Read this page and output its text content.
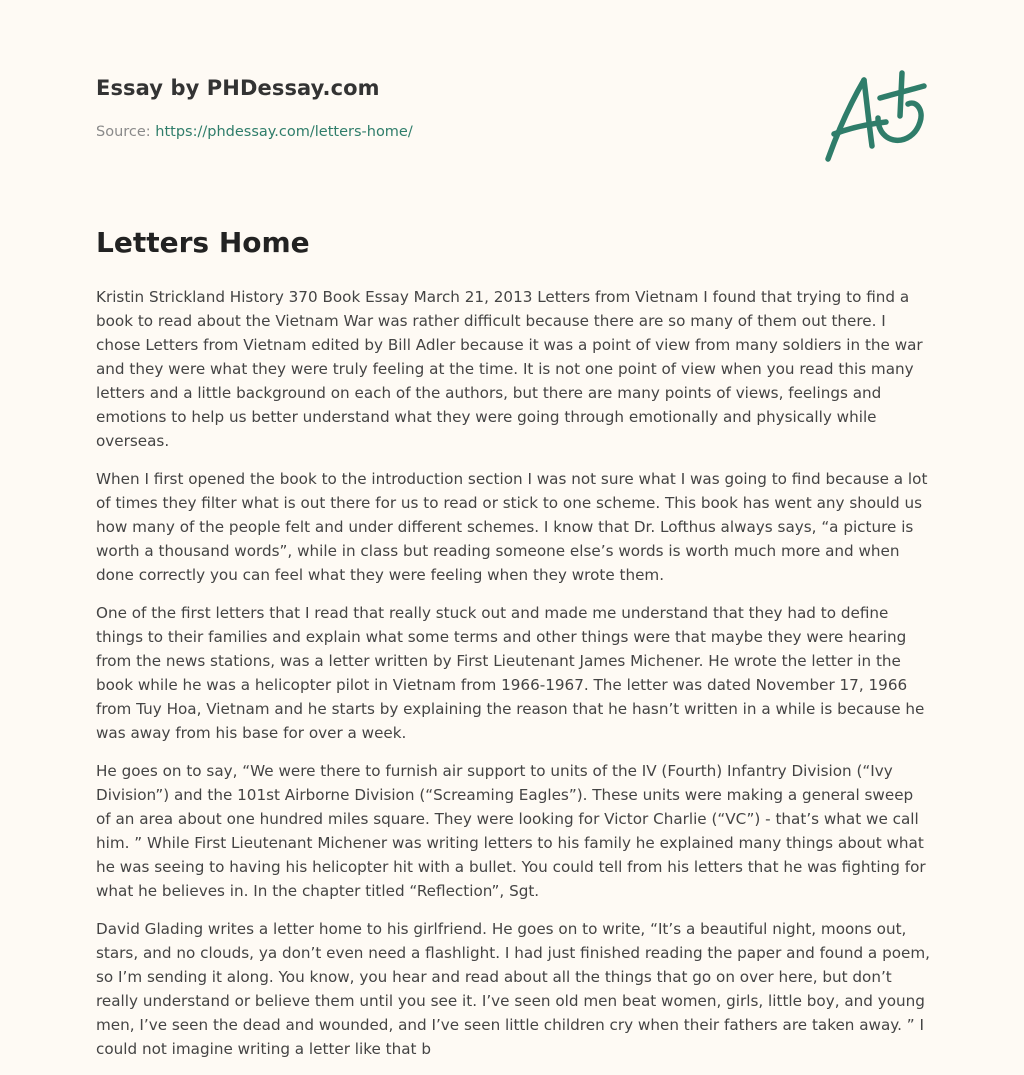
Essay by PHDessay.com

Source: https://phdessay.com/letters-home/

Letters Home

Kristin Strickland History 370 Book Essay March 21, 2013 Letters from Vietnam I found that trying to find a book to read about the Vietnam War was rather difficult because there are so many of them out there. I chose Letters from Vietnam edited by Bill Adler because it was a point of view from many soldiers in the war and they were what they were truly feeling at the time. It is not one point of view when you read this many letters and a little background on each of the authors, but there are many points of views, feelings and emotions to help us better understand what they were going through emotionally and physically while overseas.

When I first opened the book to the introduction section I was not sure what I was going to find because a lot of times they filter what is out there for us to read or stick to one scheme. This book has went any should us how many of the people felt and under different schemes. I know that Dr. Lofthus always says, “a picture is worth a thousand words”, while in class but reading someone else’s words is worth much more and when done correctly you can feel what they were feeling when they wrote them.

One of the first letters that I read that really stuck out and made me understand that they had to define things to their families and explain what some terms and other things were that maybe they were hearing from the news stations, was a letter written by First Lieutenant James Michener. He wrote the letter in the book while he was a helicopter pilot in Vietnam from 1966-1967. The letter was dated November 17, 1966 from Tuy Hoa, Vietnam and he starts by explaining the reason that he hasn’t written in a while is because he was away from his base for over a week.

He goes on to say, “We were there to furnish air support to units of the IV (Fourth) Infantry Division (“Ivy Division”) and the 101st Airborne Division (“Screaming Eagles”). These units were making a general sweep of an area about one hundred miles square. They were looking for Victor Charlie (“VC”) - that’s what we call him. ” While First Lieutenant Michener was writing letters to his family he explained many things about what he was seeing to having his helicopter hit with a bullet. You could tell from his letters that he was fighting for what he believes in. In the chapter titled “Reflection”, Sgt.

David Glading writes a letter home to his girlfriend. He goes on to write, “It’s a beautiful night, moons out, stars, and no clouds, ya don’t even need a flashlight. I had just finished reading the paper and found a poem, so I’m sending it along. You know, you hear and read about all the things that go on over here, but don’t really understand or believe them until you see it. I’ve seen old men beat women, girls, little boy, and young men, I’ve seen the dead and wounded, and I’ve seen little children cry when their fathers are taken away. ” I could not imagine writing a letter like that b
